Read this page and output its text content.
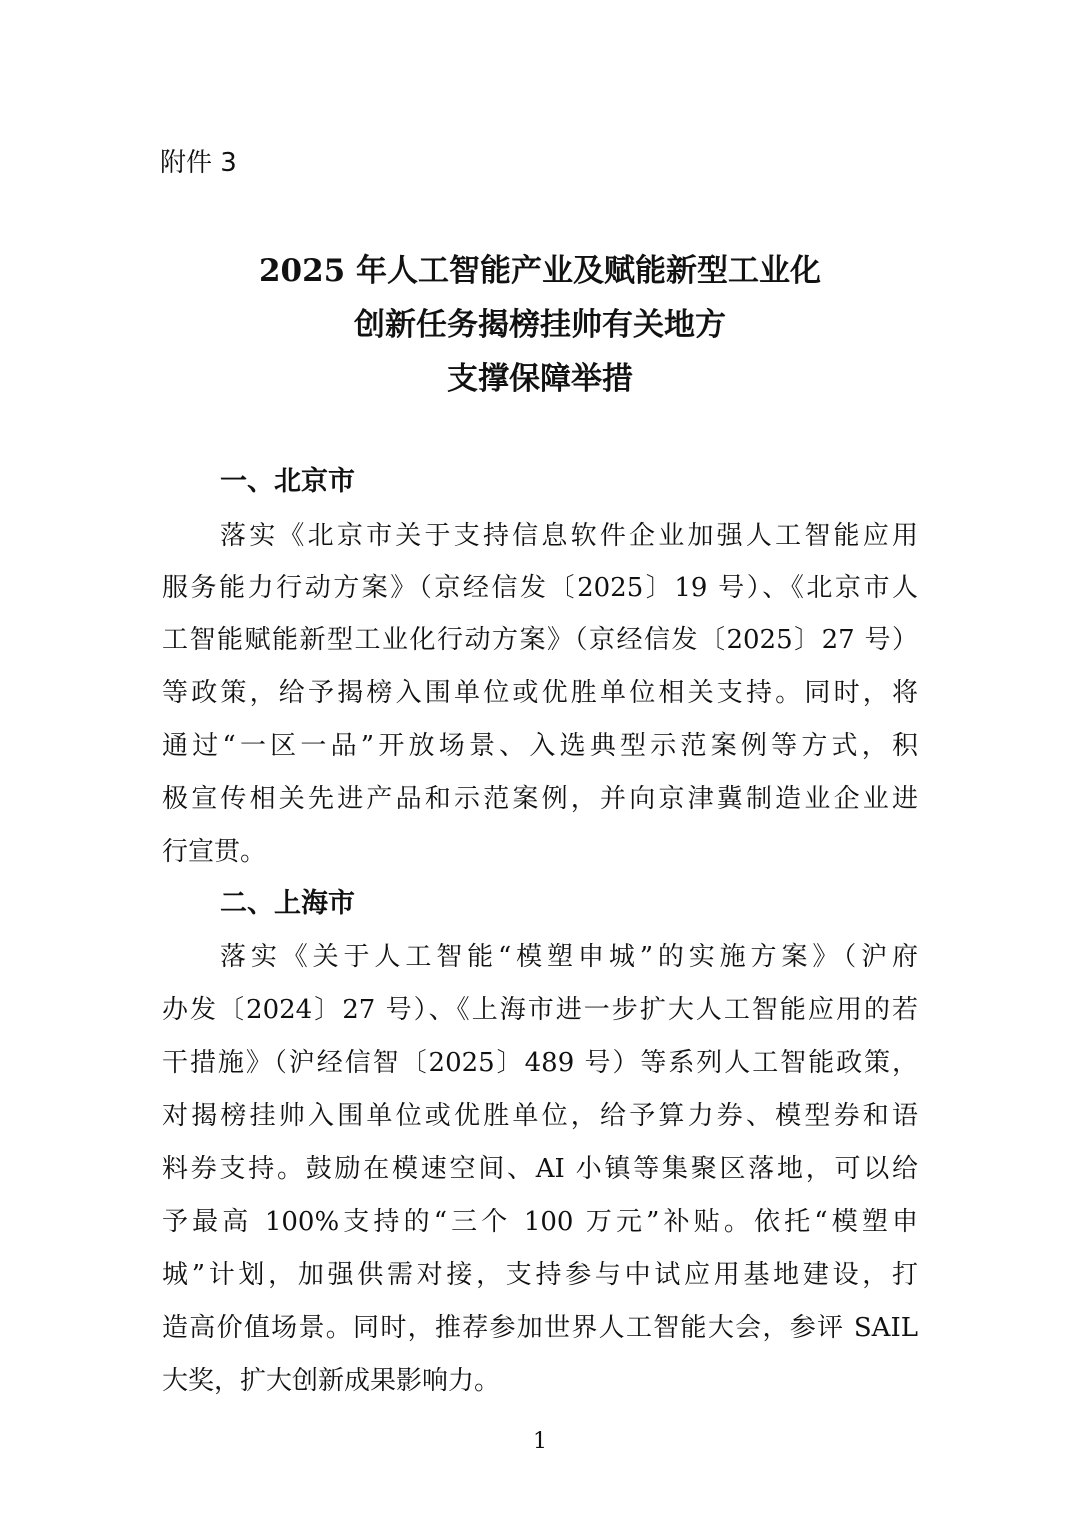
附件 3
2025 年人工智能产业及赋能新型工业化
创新任务揭榜挂帅有关地方
支撑保障举措
一、北京市
落实《北京市关于支持信息软件企业加强人工智能应用
服务能力行动方案》（京经信发〔2025〕19 号）、《北京市人
工智能赋能新型工业化行动方案》（京经信发〔2025〕27 号）
等政策，给予揭榜入围单位或优胜单位相关支持。同时，将
通过“一区一品”开放场景、入选典型示范案例等方式，积
极宣传相关先进产品和示范案例，并向京津冀制造业企业进
行宣贯。
二、上海市
落实《关于人工智能“模塑申城”的实施方案》（沪府
办发〔2024〕27 号）、《上海市进一步扩大人工智能应用的若
干措施》（沪经信智〔2025〕489 号）等系列人工智能政策，
对揭榜挂帅入围单位或优胜单位，给予算力券、模型券和语
料券支持。鼓励在模速空间、AI 小镇等集聚区落地，可以给
予最高 100%支持的“三个 100 万元”补贴。依托“模塑申
城”计划，加强供需对接，支持参与中试应用基地建设，打
造高价值场景。同时，推荐参加世界人工智能大会，参评 SAIL
大奖，扩大创新成果影响力。
1
